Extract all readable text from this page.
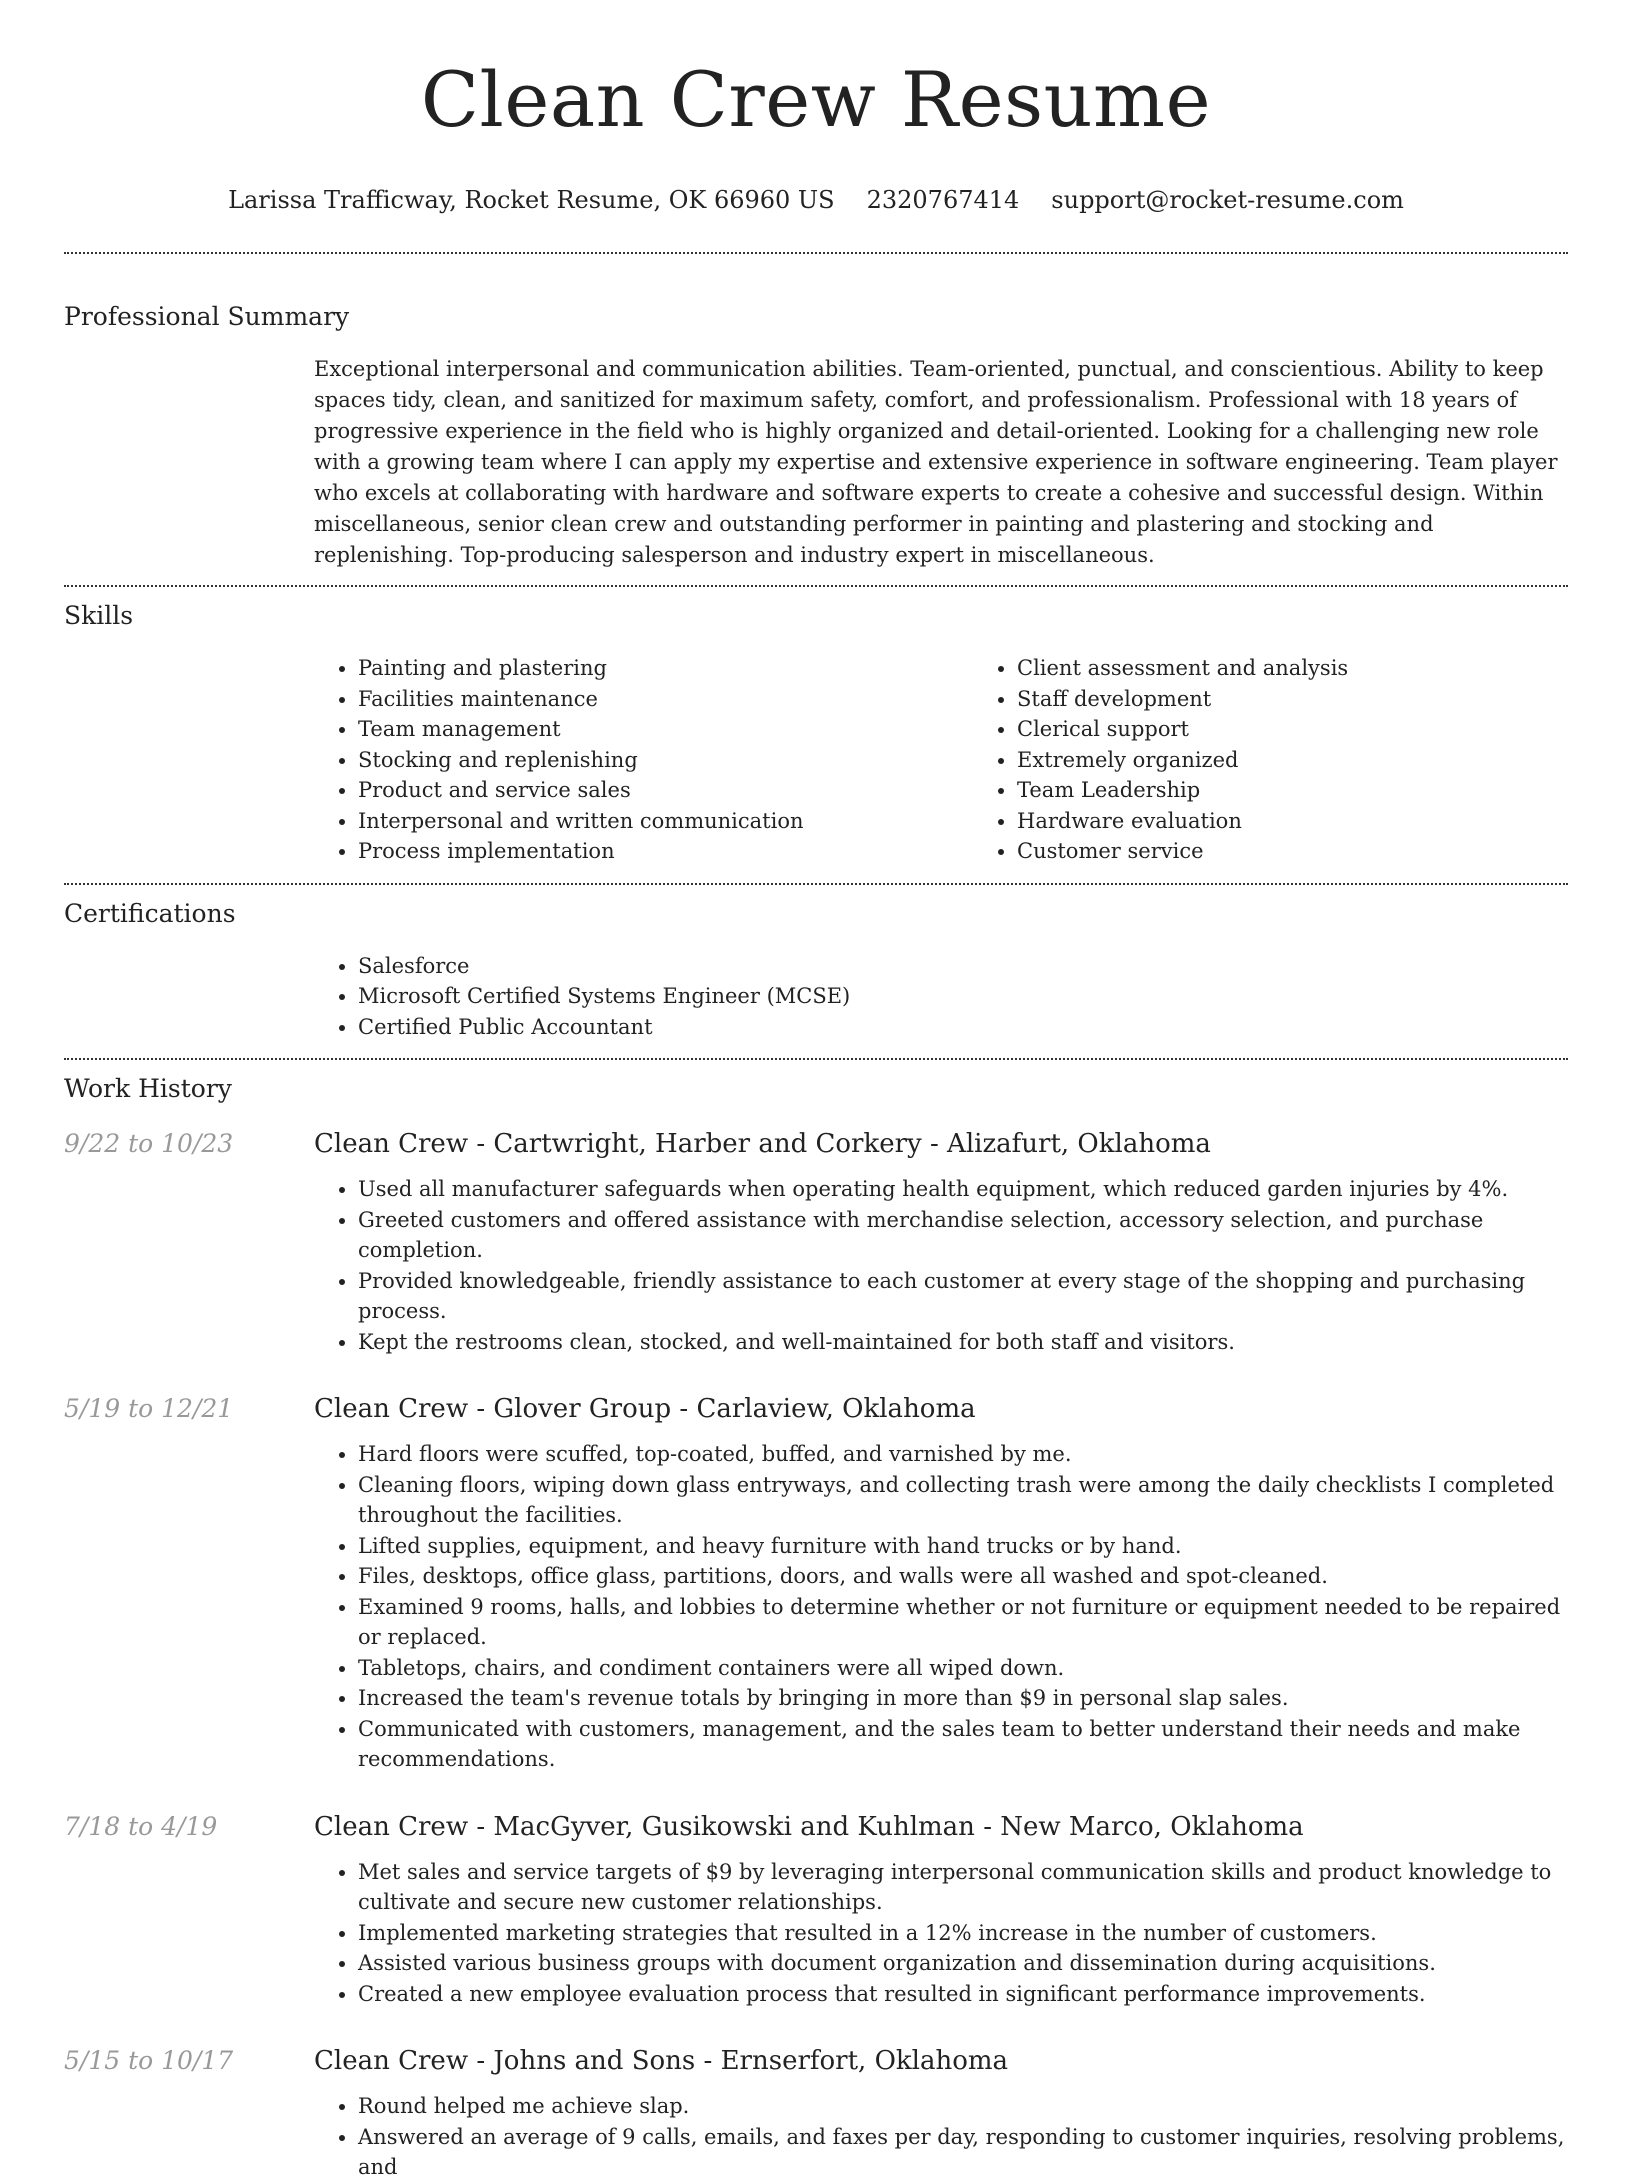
Clean Crew Resume
Larissa Trafficway, Rocket Resume, OK 66960 US 2320767414 support@rocket-resume.com
Professional Summary

Exceptional interpersonal and communication abilities. Team-oriented, punctual, and conscientious. Ability to keep spaces tidy, clean, and sanitized for maximum safety, comfort, and professionalism. Professional with 18 years of progressive experience in the field who is highly organized and detail-oriented. Looking for a challenging new role with a growing team where I can apply my expertise and extensive experience in software engineering. Team player who excels at collaborating with hardware and software experts to create a cohesive and successful design. Within miscellaneous, senior clean crew and outstanding performer in painting and plastering and stocking and replenishing. Top-producing salesperson and industry expert in miscellaneous.

Skills
• Painting and plastering
• Facilities maintenance
• Team management
• Stocking and replenishing
• Product and service sales
• Interpersonal and written communication
• Process implementation
• Client assessment and analysis
• Staff development
• Clerical support
• Extremely organized
• Team Leadership
• Hardware evaluation
• Customer service
Certifications
• Salesforce
• Microsoft Certified Systems Engineer (MCSE)
• Certified Public Accountant
Work History
9/22 to 10/23	Clean Crew - Cartwright, Harber and Corkery - Alizafurt, Oklahoma
• Used all manufacturer safeguards when operating health equipment, which reduced garden injuries by 4%.
• Greeted customers and offered assistance with merchandise selection, accessory selection, and purchase completion.
• Provided knowledgeable, friendly assistance to each customer at every stage of the shopping and purchasing process.
• Kept the restrooms clean, stocked, and well-maintained for both staff and visitors.
5/19 to 12/21	Clean Crew - Glover Group - Carlaview, Oklahoma
• Hard floors were scuffed, top-coated, buffed, and varnished by me.
• Cleaning floors, wiping down glass entryways, and collecting trash were among the daily checklists I completed throughout the facilities.
• Lifted supplies, equipment, and heavy furniture with hand trucks or by hand.
• Files, desktops, office glass, partitions, doors, and walls were all washed and spot-cleaned.
• Examined 9 rooms, halls, and lobbies to determine whether or not furniture or equipment needed to be repaired or replaced.
• Tabletops, chairs, and condiment containers were all wiped down.
• Increased the team's revenue totals by bringing in more than $9 in personal slap sales.
• Communicated with customers, management, and the sales team to better understand their needs and make recommendations.
7/18 to 4/19	Clean Crew - MacGyver, Gusikowski and Kuhlman - New Marco, Oklahoma
• Met sales and service targets of $9 by leveraging interpersonal communication skills and product knowledge to cultivate and secure new customer relationships.
• Implemented marketing strategies that resulted in a 12% increase in the number of customers.
• Assisted various business groups with document organization and dissemination during acquisitions.
• Created a new employee evaluation process that resulted in significant performance improvements.
5/15 to 10/17	Clean Crew - Johns and Sons - Ernserfort, Oklahoma
• Round helped me achieve slap.
• Answered an average of 9 calls, emails, and faxes per day, responding to customer inquiries, resolving problems, and
